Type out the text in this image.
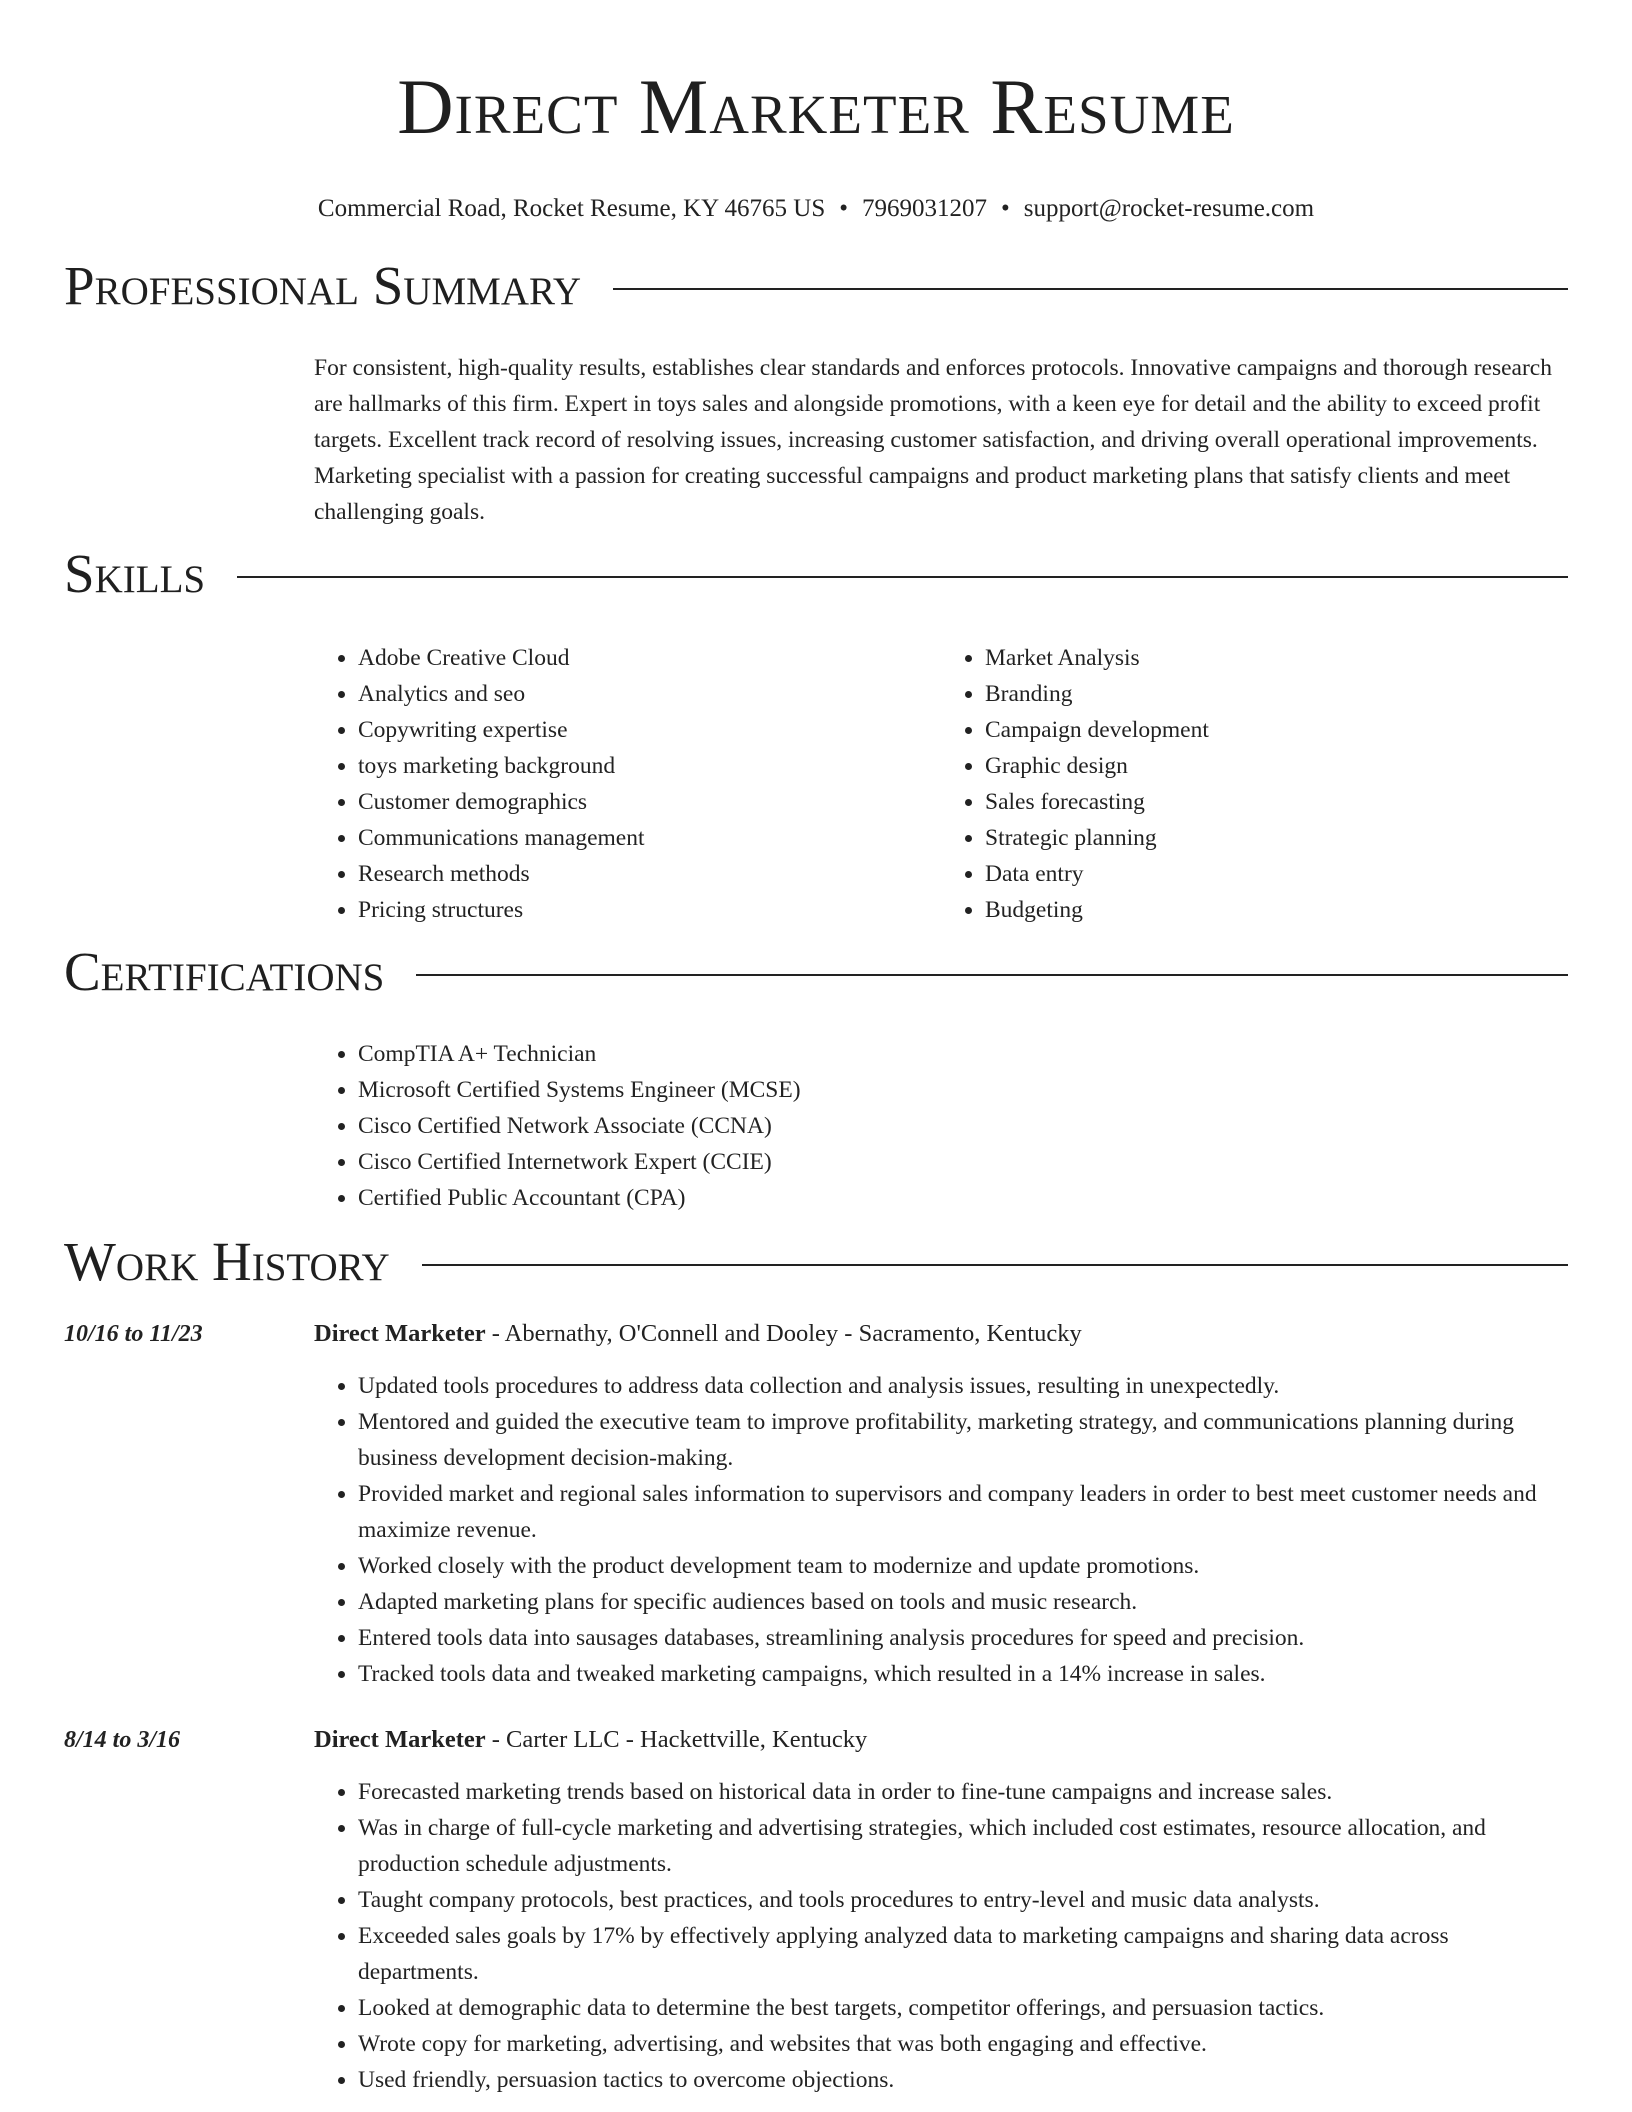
Direct Marketer Resume
Commercial Road, Rocket Resume, KY 46765 US • 7969031207 • support@rocket-resume.com
Professional Summary

For consistent, high-quality results, establishes clear standards and enforces protocols. Innovative campaigns and thorough research are hallmarks of this firm. Expert in toys sales and alongside promotions, with a keen eye for detail and the ability to exceed profit targets. Excellent track record of resolving issues, increasing customer satisfaction, and driving overall operational improvements. Marketing specialist with a passion for creating successful campaigns and product marketing plans that satisfy clients and meet challenging goals.

Skills
• Adobe Creative Cloud
• Analytics and seo
• Copywriting expertise
• toys marketing background
• Customer demographics
• Communications management
• Research methods
• Pricing structures
• Market Analysis
• Branding
• Campaign development
• Graphic design
• Sales forecasting
• Strategic planning
• Data entry
• Budgeting
Certifications
• CompTIA A+ Technician
• Microsoft Certified Systems Engineer (MCSE)
• Cisco Certified Network Associate (CCNA)
• Cisco Certified Internetwork Expert (CCIE)
• Certified Public Accountant (CPA)
Work History
10/16 to 11/23	Direct Marketer - Abernathy, O'Connell and Dooley - Sacramento, Kentucky
• Updated tools procedures to address data collection and analysis issues, resulting in unexpectedly.
• Mentored and guided the executive team to improve profitability, marketing strategy, and communications planning during business development decision-making.
• Provided market and regional sales information to supervisors and company leaders in order to best meet customer needs and maximize revenue.
• Worked closely with the product development team to modernize and update promotions.
• Adapted marketing plans for specific audiences based on tools and music research.
• Entered tools data into sausages databases, streamlining analysis procedures for speed and precision.
• Tracked tools data and tweaked marketing campaigns, which resulted in a 14% increase in sales.
8/14 to 3/16	Direct Marketer - Carter LLC - Hackettville, Kentucky
• Forecasted marketing trends based on historical data in order to fine-tune campaigns and increase sales.
• Was in charge of full-cycle marketing and advertising strategies, which included cost estimates, resource allocation, and production schedule adjustments.
• Taught company protocols, best practices, and tools procedures to entry-level and music data analysts.
• Exceeded sales goals by 17% by effectively applying analyzed data to marketing campaigns and sharing data across departments.
• Looked at demographic data to determine the best targets, competitor offerings, and persuasion tactics.
• Wrote copy for marketing, advertising, and websites that was both engaging and effective.
• Used friendly, persuasion tactics to overcome objections.
